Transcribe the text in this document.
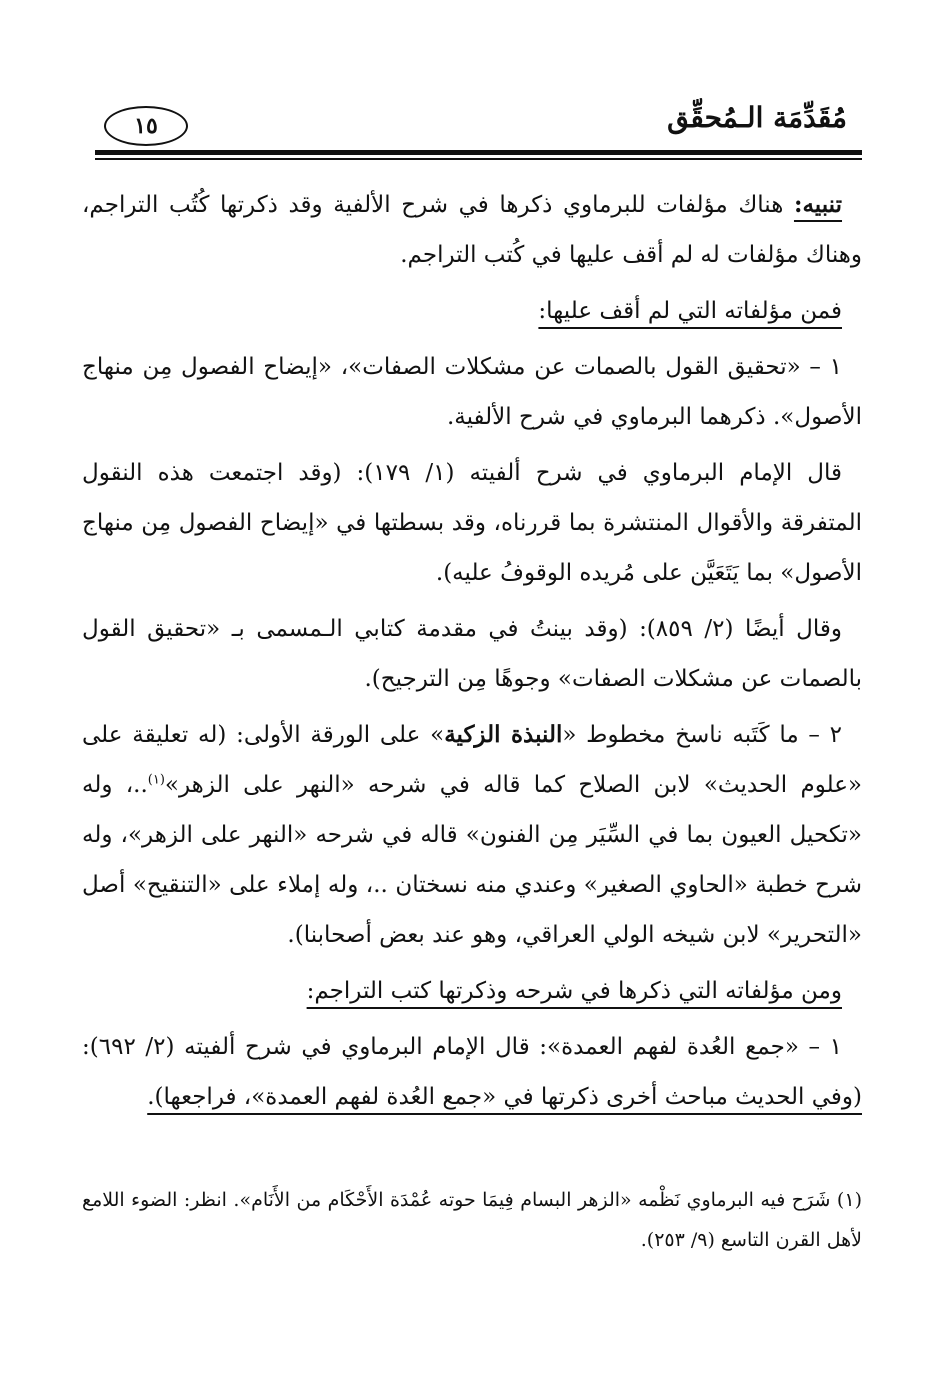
مُقَدِّمَة الـمُحقِّق
١٥

تنبيه: هناك مؤلفات للبرماوي ذكرها في شرح الألفية وقد ذكرتها كُتُب التراجم، وهناك مؤلفات له لم أقف عليها في كُتب التراجم.

فمن مؤلفاته التي لم أقف عليها:

١ – «تحقيق القول بالصمات عن مشكلات الصفات»، «إيضاح الفصول مِن منهاج الأصول». ذكرهما البرماوي في شرح الألفية.

قال الإمام البرماوي في شرح ألفيته (١/ ١٧٩): (وقد اجتمعت هذه النقول المتفرقة والأقوال المنتشرة بما قررناه، وقد بسطتها في «إيضاح الفصول مِن منهاج الأصول» بما يَتَعَيَّن على مُريده الوقوفُ عليه).

وقال أيضًا (٢/ ٨٥٩): (وقد بينتُ في مقدمة كتابي الـمسمى بـ «تحقيق القول بالصمات عن مشكلات الصفات» وجوهًا مِن الترجيح).

٢ – ما كَتَبه ناسخ مخطوط «النبذة الزكية» على الورقة الأولى: (له تعليقة على «علوم الحديث» لابن الصلاح كما قاله في شرحه «النهر على الزهر»$^{(١)}$..، وله «تكحيل العيون بما في السِّيَر مِن الفنون» قاله في شرحه «النهر على الزهر»، وله شرح خطبة «الحاوي الصغير» وعندي منه نسختان ..، وله إملاء على «التنقيح» أصل «التحرير» لابن شيخه الولي العراقي، وهو عند بعض أصحابنا).

ومن مؤلفاته التي ذكرها في شرحه وذكرتها كتب التراجم:

١ – «جمع العُدة لفهم العمدة»: قال الإمام البرماوي في شرح ألفيته (٢/ ٦٩٢): (وفي الحديث مباحث أخرى ذكرتها في «جمع العُدة لفهم العمدة»، فراجعها).

(١) شَرَح فيه البرماوي نَظْمه «الزهر البسام فِيمَا حوته عُمْدَة الأَحْكَام من الأَنَام». انظر: الضوء اللامع لأهل القرن التاسع (٩/ ٢٥٣).
